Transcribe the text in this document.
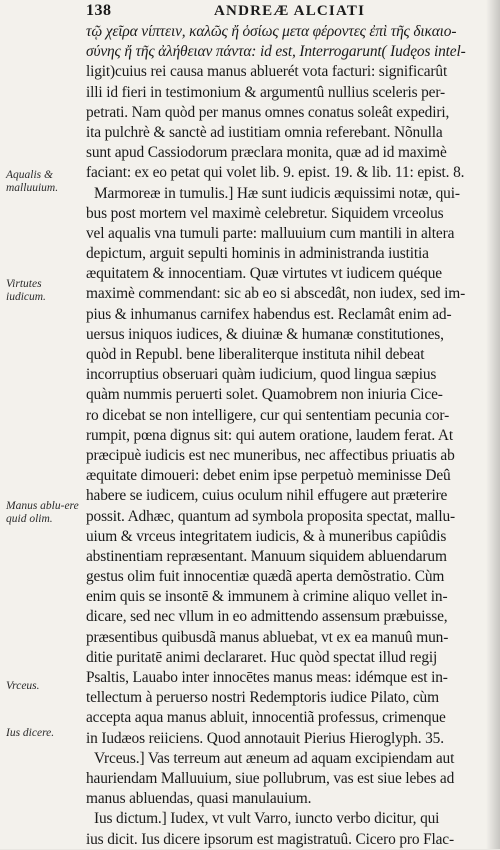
138	ANDREÆ ALCIATI
Aqualis & malluuium.
Virtutes iudicum.
Manus ablu-ere quid olim.
Vrceus.
Ius dicere.
τῷ χεῖρα νίπτειν, καλῶς ἤ ὁσίως μετα φέροντες ἐπὶ τῆς δικαιο-
σύνης ἤ τῆς ἀλήθειαν πάντα: id est, Interrogarunt( Iudęos intel-
ligit)cuius rei causa manus abluerét vota facturi: significarût
illi id fieri in testimonium & argumentû nullius sceleris per-
petrati. Nam quòd per manus omnes conatus soleât expediri,
ita pulchrè & sanctè ad iustitiam omnia referebant. Nõnulla
sunt apud Cassiodorum præclara monita, quæ ad id maximè
faciant: ex eo petat qui volet lib. 9. epist. 19. & lib. 11: epist. 8.
Marmoreæ in tumulis.] Hæ sunt iudicis æquissimi notæ, qui-
bus post mortem vel maximè celebretur. Siquidem vrceolus
vel aqualis vna tumuli parte: malluuium cum mantili in altera
depictum, arguit sepulti hominis in administranda iustitia
æquitatem & innocentiam. Quæ virtutes vt iudicem quéque
maximè commendant: sic ab eo si abscedât, non iudex, sed im-
pius & inhumanus carnifex habendus est. Reclamât enim ad-
uersus iniquos iudices, & diuinæ & humanæ constitutiones,
quòd in Republ. bene liberaliterque instituta nihil debeat
incorruptius obseruari quàm iudicium, quod lingua sæpius
quàm nummis peruerti solet. Quamobrem non iniuria Cice-
ro dicebat se non intelligere, cur qui sententiam pecunia cor-
rumpit, pœna dignus sit: qui autem oratione, laudem ferat. At
præcipuè iudicis est nec muneribus, nec affectibus priuatis ab
æquitate dimoueri: debet enim ipse perpetuò meminisse Deû
habere se iudicem, cuius oculum nihil effugere aut præterire
possit. Adhæc, quantum ad symbola proposita spectat, mallu-
uium & vrceus integritatem iudicis, & à muneribus capiûdis
abstinentiam repræsentant. Manuum siquidem abluendarum
gestus olim fuit innocentiæ quædã aperta demõstratio. Cùm
enim quis se insontē & immunem à crimine aliquo vellet in-
dicare, sed nec vllum in eo admittendo assensum præbuisse,
præsentibus quibusdã manus abluebat, vt ex ea manuû mun-
ditie puritatē animi declararet. Huc quòd spectat illud regij
Psaltis, Lauabo inter innocētes manus meas: idémque est in-
tellectum à peruerso nostri Redemptoris iudice Pilato, cùm
accepta aqua manus abluit, innocentiã professus, crimenque
in Iudæos reiiciens. Quod annotauit Pierius Hieroglyph. 35.
Vrceus.] Vas terreum aut æneum ad aquam excipiendam aut
hauriendam Malluuium, siue pollubrum, vas est siue lebes ad
manus abluendas, quasi manulauium.
Ius dictum.] Iudex, vt vult Varro, iuncto verbo dicitur, qui
ius dicit. Ius dicere ipsorum est magistratuû. Cicero pro Flac-
